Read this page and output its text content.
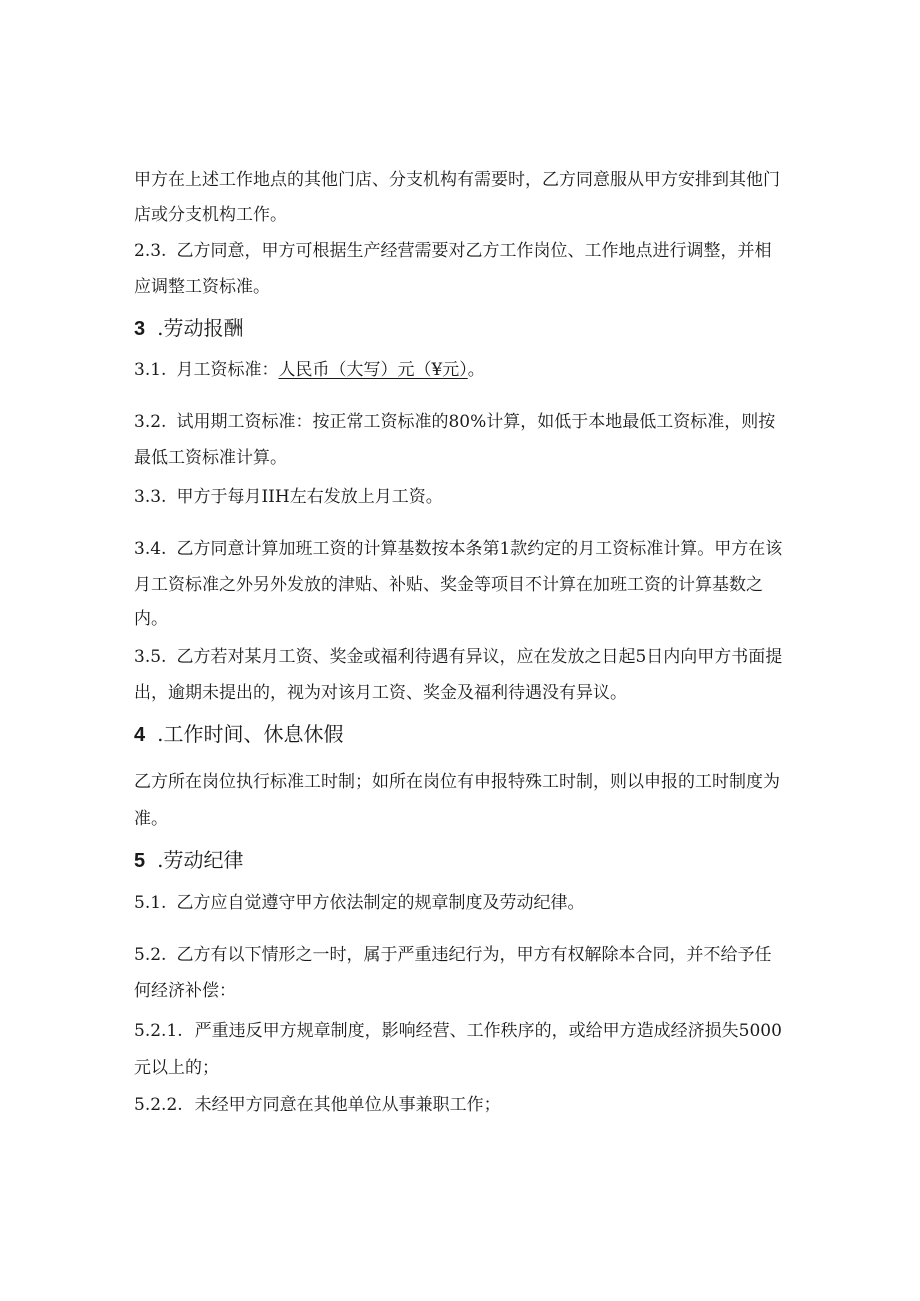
甲方在上述工作地点的其他门店、分支机构有需要时，乙方同意服从甲方安排到其他门
店或分支机构工作。
2.3. 乙方同意，甲方可根据生产经营需要对乙方工作岗位、工作地点进行调整，并相
应调整工资标准。
3 .劳动报酬
3.1. 月工资标准：人民币（大写）元（¥元）。
3.2. 试用期工资标准：按正常工资标准的80%计算，如低于本地最低工资标准，则按
最低工资标准计算。
3.3. 甲方于每月IIH左右发放上月工资。
3.4. 乙方同意计算加班工资的计算基数按本条第1款约定的月工资标准计算。甲方在该
月工资标准之外另外发放的津贴、补贴、奖金等项目不计算在加班工资的计算基数之
内。
3.5. 乙方若对某月工资、奖金或福利待遇有异议，应在发放之日起5日内向甲方书面提
出，逾期未提出的，视为对该月工资、奖金及福利待遇没有异议。
4 .工作时间、休息休假
乙方所在岗位执行标准工时制；如所在岗位有申报特殊工时制，则以申报的工时制度为
准。
5 .劳动纪律
5.1. 乙方应自觉遵守甲方依法制定的规章制度及劳动纪律。
5.2. 乙方有以下情形之一时，属于严重违纪行为，甲方有权解除本合同，并不给予任
何经济补偿：
5.2.1. 严重违反甲方规章制度，影响经营、工作秩序的，或给甲方造成经济损失5000
元以上的；
5.2.2. 未经甲方同意在其他单位从事兼职工作；
